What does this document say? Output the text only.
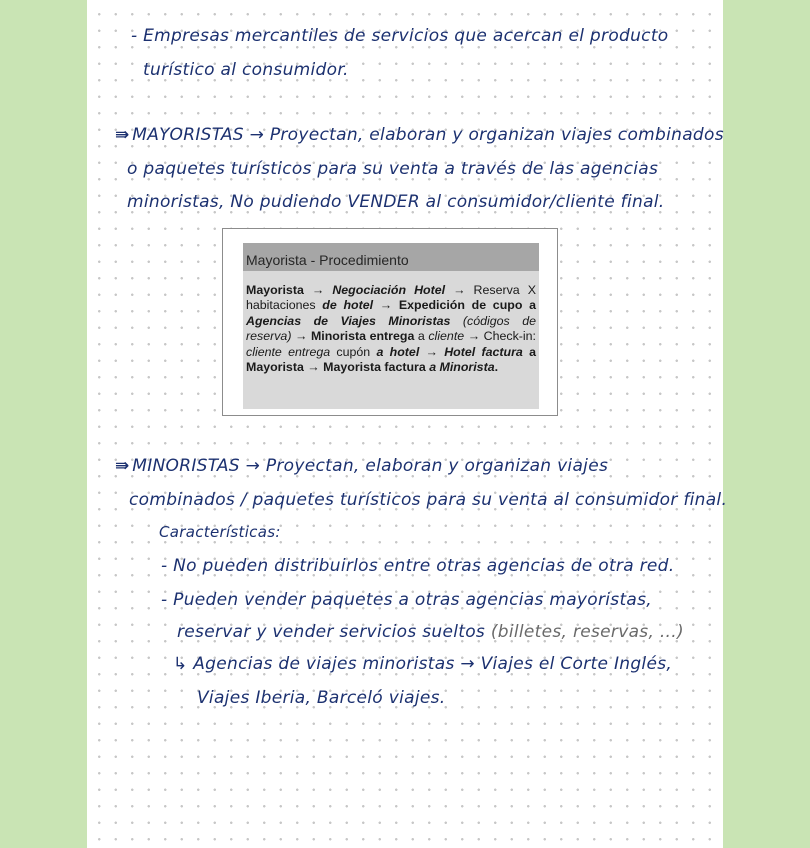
- Empresas mercantiles de servicios que acercan el producto
turístico al consumidor.
⇛ MAYORISTAS → Proyectan, elaboran y organizan viajes combinados
o paquetes turísticos para su venta a través de las agencias
minoristas, No pudiendo VENDER al consumidor/cliente final.
Mayorista - Procedimiento
Mayorista → Negociación Hotel → Reserva X habitaciones de hotel → Expedición de cupo a Agencias de Viajes Minoristas (códigos de reserva) → Minorista entrega a cliente → Check-in: cliente entrega cupón a hotel → Hotel factura a Mayorista → Mayorista factura a Minorista.
⇛ MINORISTAS → Proyectan, elaboran y organizan viajes
combinados / paquetes turísticos para su venta al consumidor final.
Características:
- No pueden distribuirlos entre otras agencias de otra red.
- Pueden vender paquetes a otras agencias mayoristas,
reservar y vender servicios sueltos (billetes, reservas, ...)
↳ Agencias de viajes minoristas → Viajes el Corte Inglés,
Viajes Iberia, Barceló viajes.
